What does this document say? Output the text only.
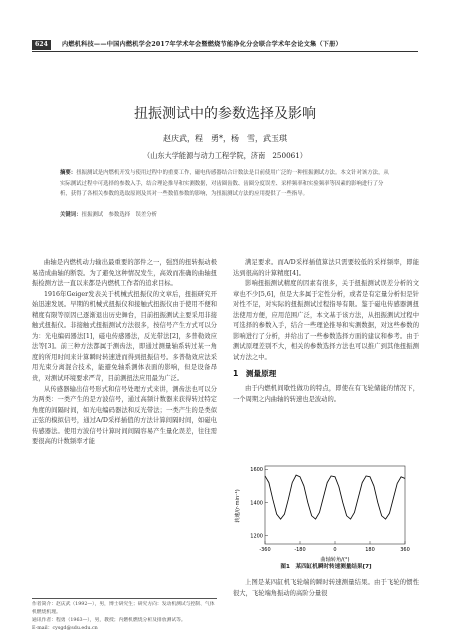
624	内燃机科技——中国内燃机学会2017年学术年会暨燃烧节能净化分会联合学术年会论文集（下册）
扭振测试中的参数选择及影响
赵庆武，程　勇*，杨　雪，武玉琪
（山东大学能源与动力工程学院，济南　250061）
摘要：扭振测试是内燃机开发与使用过程中的重要工作，磁电传感器结合计数法是目前使用广泛的一种扭振测试方法。本文针对该方法，从实际测试过程中可选择的参数入手，结合理论推导和实测数据，对齿圈齿数、齿圈分度误差、采样频率和实验频率等因素的影响进行了分析，获得了各相关参数的选取原则及其对一些数值参数的影响，为扭振测试方法的应用提供了一些指导。
关键词：扭振测试　参数选择　误差分析

曲轴是内燃机动力输出最重要的部件之一，强烈的扭转振动极易造成曲轴的断裂。为了避免这种情况发生，高效而准确的曲轴扭振检测方法一直以来都是内燃机工作者的追求目标。

1916年Geiger发表关于机械式扭振仪的文章后，扭振研究开始迅速发展。早期的机械式扭振仪和接触式扭振仪由于使用不便和精度有限等原因已逐渐退出历史舞台，目前扭振测试主要采用非接触式扭振仪。非接触式扭振测试方法很多，按信号产生方式可以分为：光电编码器法[1]，磁电传感器法，反光带法[2]，多普勒效应法等[3]。前三种方法都属于测齿法，即通过测量轴系转过某一角度的所用时间来计算瞬时转速进而得到扭振信号。多普勒效应法采用光束分离混合技术，能避免轴系测体表面的影响，但是设备昂贵，对测试环境要求严苛，目前测扭法应用最为广泛。

从传感器输出信号形式和信号处理方式来讲，测齿法也可以分为两类：一类产生的是方波信号，通过高频计数器来获得转过特定角度的间隔时间，如光电编码器法和反光带法；一类产生的是类似正弦的模拟信号，通过A/D采样插值的方法计算间隔时间，如磁电传感器法。使用方波信号计算时间间隔容易产生量化误差，往往需要很高的计数频率才能

满足要求。而A/D采样插值算法只需要较低的采样频率，即能达到很高的计算精度[4]。

影响扭振测试精度的因素有很多，关于扭振测试误差分析的文章也不少[5,6]，但是大多属于定性分析，或者是有定量分析但是针对性不足，对实际的扭振测试过程指导有限。鉴于磁电传感器测扭法使用方便，应用范围广泛，本文基于该方法，从扭振测试过程中可选择的参数入手，结合一些理论推导和实测数据，对这些参数的影响进行了分析，并给出了一些参数选择方面的建议和参考。由于测试原理差别不大，相关的参数选择方法也可以推广到其他扭振测试方法之中。

1　测量原理

由于内燃机间歇性做功的特点，即使在有飞轮储能的情况下，一个周期之内曲轴的转速也是波动的。

转速/(r·min⁻¹)
曲轴转角/(°)
1600
1400
1200
-360	-180	0	180	360
图1　某四缸机瞬时转速测量结果[7]

上图是某四缸机飞轮端的瞬时转速测量结果。由于飞轮的惯性很大，飞轮端角振动的高阶分量很

作者简介：赵庆武（1992—），男，博士研究生；研究方向：发动机测试与控制、气体机燃烧机理。
通讯作者：程勇（1963—），男，教授；内燃机燃烧分析及排放测试等。
E-mail：cysgd@sdu.edu.cn
